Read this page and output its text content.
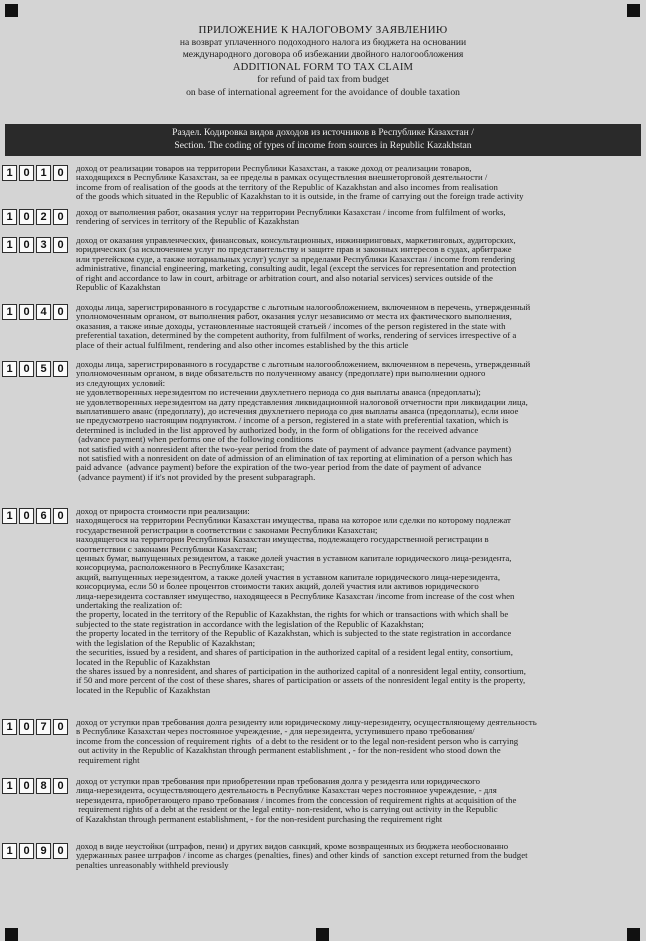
ПРИЛОЖЕНИЕ К НАЛОГОВОМУ ЗАЯВЛЕНИЮ
на возврат уплаченного подоходного налога из бюджета на основании
международного договора об избежании двойного налогообложения
ADDITIONAL FORM TO TAX CLAIM
for refund of paid tax from budget
on base of international agreement for the avoidance of double taxation
Раздел. Кодировка видов доходов из источников в Республике Казахстан /
Section. The coding of types of income from sources in Republic Kazakhstan
1 0 1 0	доход от реализации товаров на территории Республики Казахстан, а также доход от реализации товаров,

находящихся в Республике Казахстан, за ее пределы в рамках осуществления внешнеторговой деятельности /

income from of realisation of the goods at the territory of the Republic of Kazakhstan and also incomes from realisation

of the goods which situated in the Republic of Kazakhstan to it is outside, in the frame of carrying out the foreign trade activity

1 0 2 0	доход от выполнения работ, оказания услуг на территории Республики Казахстан / income from fulfilment of works,

rendering of services in territory of the Republic of Kazakhstan

1 0 3 0	доход от оказания управленческих, финансовых, консультационных, инжиниринговых, маркетинговых, аудиторских,

юридических (за исключением услуг по представительству и защите прав и законных интересов в судах, арбитраже

или третейском суде, а также нотариальных услуг) услуг за пределами Республики Казахстан / income from rendering

administrative, financial engineering, marketing, consulting audit, legal (except the services for representation and protection

of right and accordance to law in court, arbitrage or arbitration court, and also notarial services) services outside of the

Republic of Kazakhstan

1 0 4 0	доходы лица, зарегистрированного в государстве с льготным налогообложением, включенном в перечень, утвержденный

уполномоченным органом, от выполнения работ, оказания услуг независимо от места их фактического выполнения,

оказания, а также иные доходы, установленные настоящей статьей / incomes of the person registered in the state with

preferential taxation, determined by the competent authority, from fulfilment of works, rendering of services irrespective of a

place of their actual fulfilment, rendering and also other incomes established by the this article

1 0 5 0	доходы лица, зарегистрированного в государстве с льготным налогообложением, включенном в перечень, утвержденный

уполномоченным органом, в виде обязательств по полученному авансу (предоплате) при выполнении одного

из следующих условий:

не удовлетворенных нерезидентом по истечении двухлетнего периода со дня выплаты аванса (предоплаты);

не удовлетворенных нерезидентом на дату представления ликвидационной налоговой отчетности при ликвидации лица,

выплатившего аванс (предоплату), до истечения двухлетнего периода со дня выплаты аванса (предоплаты), если иное

не предусмотрено настоящим подпунктом. / income of a person, registered in a state with preferential taxation, which is

determined is included in the list approved by authorized body, in the form of obligations for the received advance

(advance payment) when performs one of the following conditions

not satisfied with a nonresident after the two-year period from the date of payment of advance payment (advance payment)

not satisfied with a nonresident on date of admission of an elimination of tax reporting at elimination of a person which has

paid advance  (advance payment) before the expiration of the two-year period from the date of payment of advance

(advance payment) if it's not provided by the present subparagraph.

1 0 6 0	доход от прироста стоимости при реализации:

находящегося на территории Республики Казахстан имущества, права на которое или сделки по которому подлежат

государственной регистрации в соответствии с законами Республики Казахстан;

находящегося на территории Республики Казахстан имущества, подлежащего государственной регистрации в

соответствии с законами Республики Казахстан;

ценных бумаг, выпущенных резидентом, а также долей участия в уставном капитале юридического лица-резидента,

консорциума, расположенного в Республике Казахстан;

акций, выпущенных нерезидентом, а также долей участия в уставном капитале юридического лица-нерезидента,

консорциума, если 50 и более процентов стоимости таких акций, долей участия или активов юридического

лица-нерезидента составляет имущество, находящееся в Республике Казахстан /income from increase of the cost when

undertaking the realization of:

the property, located in the territory of the Republic of Kazakhstan, the rights for which or transactions with which shall be

subjected to the state registration in accordance with the legislation of the Republic of Kazakhstan;

the property located in the territory of the Republic of Kazakhstan, which is subjected to the state registration in accordance

with the legislation of the Republic of Kazakhstan;

the securities, issued by a resident, and shares of participation in the authorized capital of a resident legal entity, consortium,

located in the Republic of Kazakhstan

the shares issued by a nonresident, and shares of participation in the authorized capital of a nonresident legal entity, consortium,

if 50 and more percent of the cost of these shares, shares of participation or assets of the nonresident legal entity is the property,

located in the Republic of Kazakhstan

1 0 7 0	доход от уступки прав требования долга резиденту или юридическому лицу-нерезиденту, осуществляющему деятельность

в Республике Казахстан через постоянное учреждение, - для нерезидента, уступившего право требования/

income from the concession of requirement rights  of a debt to the resident or to the legal non-resident person who is carrying

out activity in the Republic of Kazakhstan through permanent establishment , - for the non-resident who stood down the

requirement right

1 0 8 0	доход от уступки прав требования при приобретении прав требования долга у резидента или юридического

лица-нерезидента, осуществляющего деятельность в Республике Казахстан через постоянное учреждение, - для

нерезидента, приобретающего право требования / incomes from the concession of requirement rights at acquisition of the

requirement rights of a debt at the resident or the legal entity- non-resident, who is carrying out activity in the Republic

of Kazakhstan through permanent establishment, - for the non-resident purchasing the requirement right

1 0 9 0	доход в виде неустойки (штрафов, пени) и других видов санкций, кроме возвращенных из бюджета необоснованно

удержанных ранее штрафов / income as charges (penalties, fines) and other kinds of  sanction except returned from the budget

penalties unreasonably withheld previously
